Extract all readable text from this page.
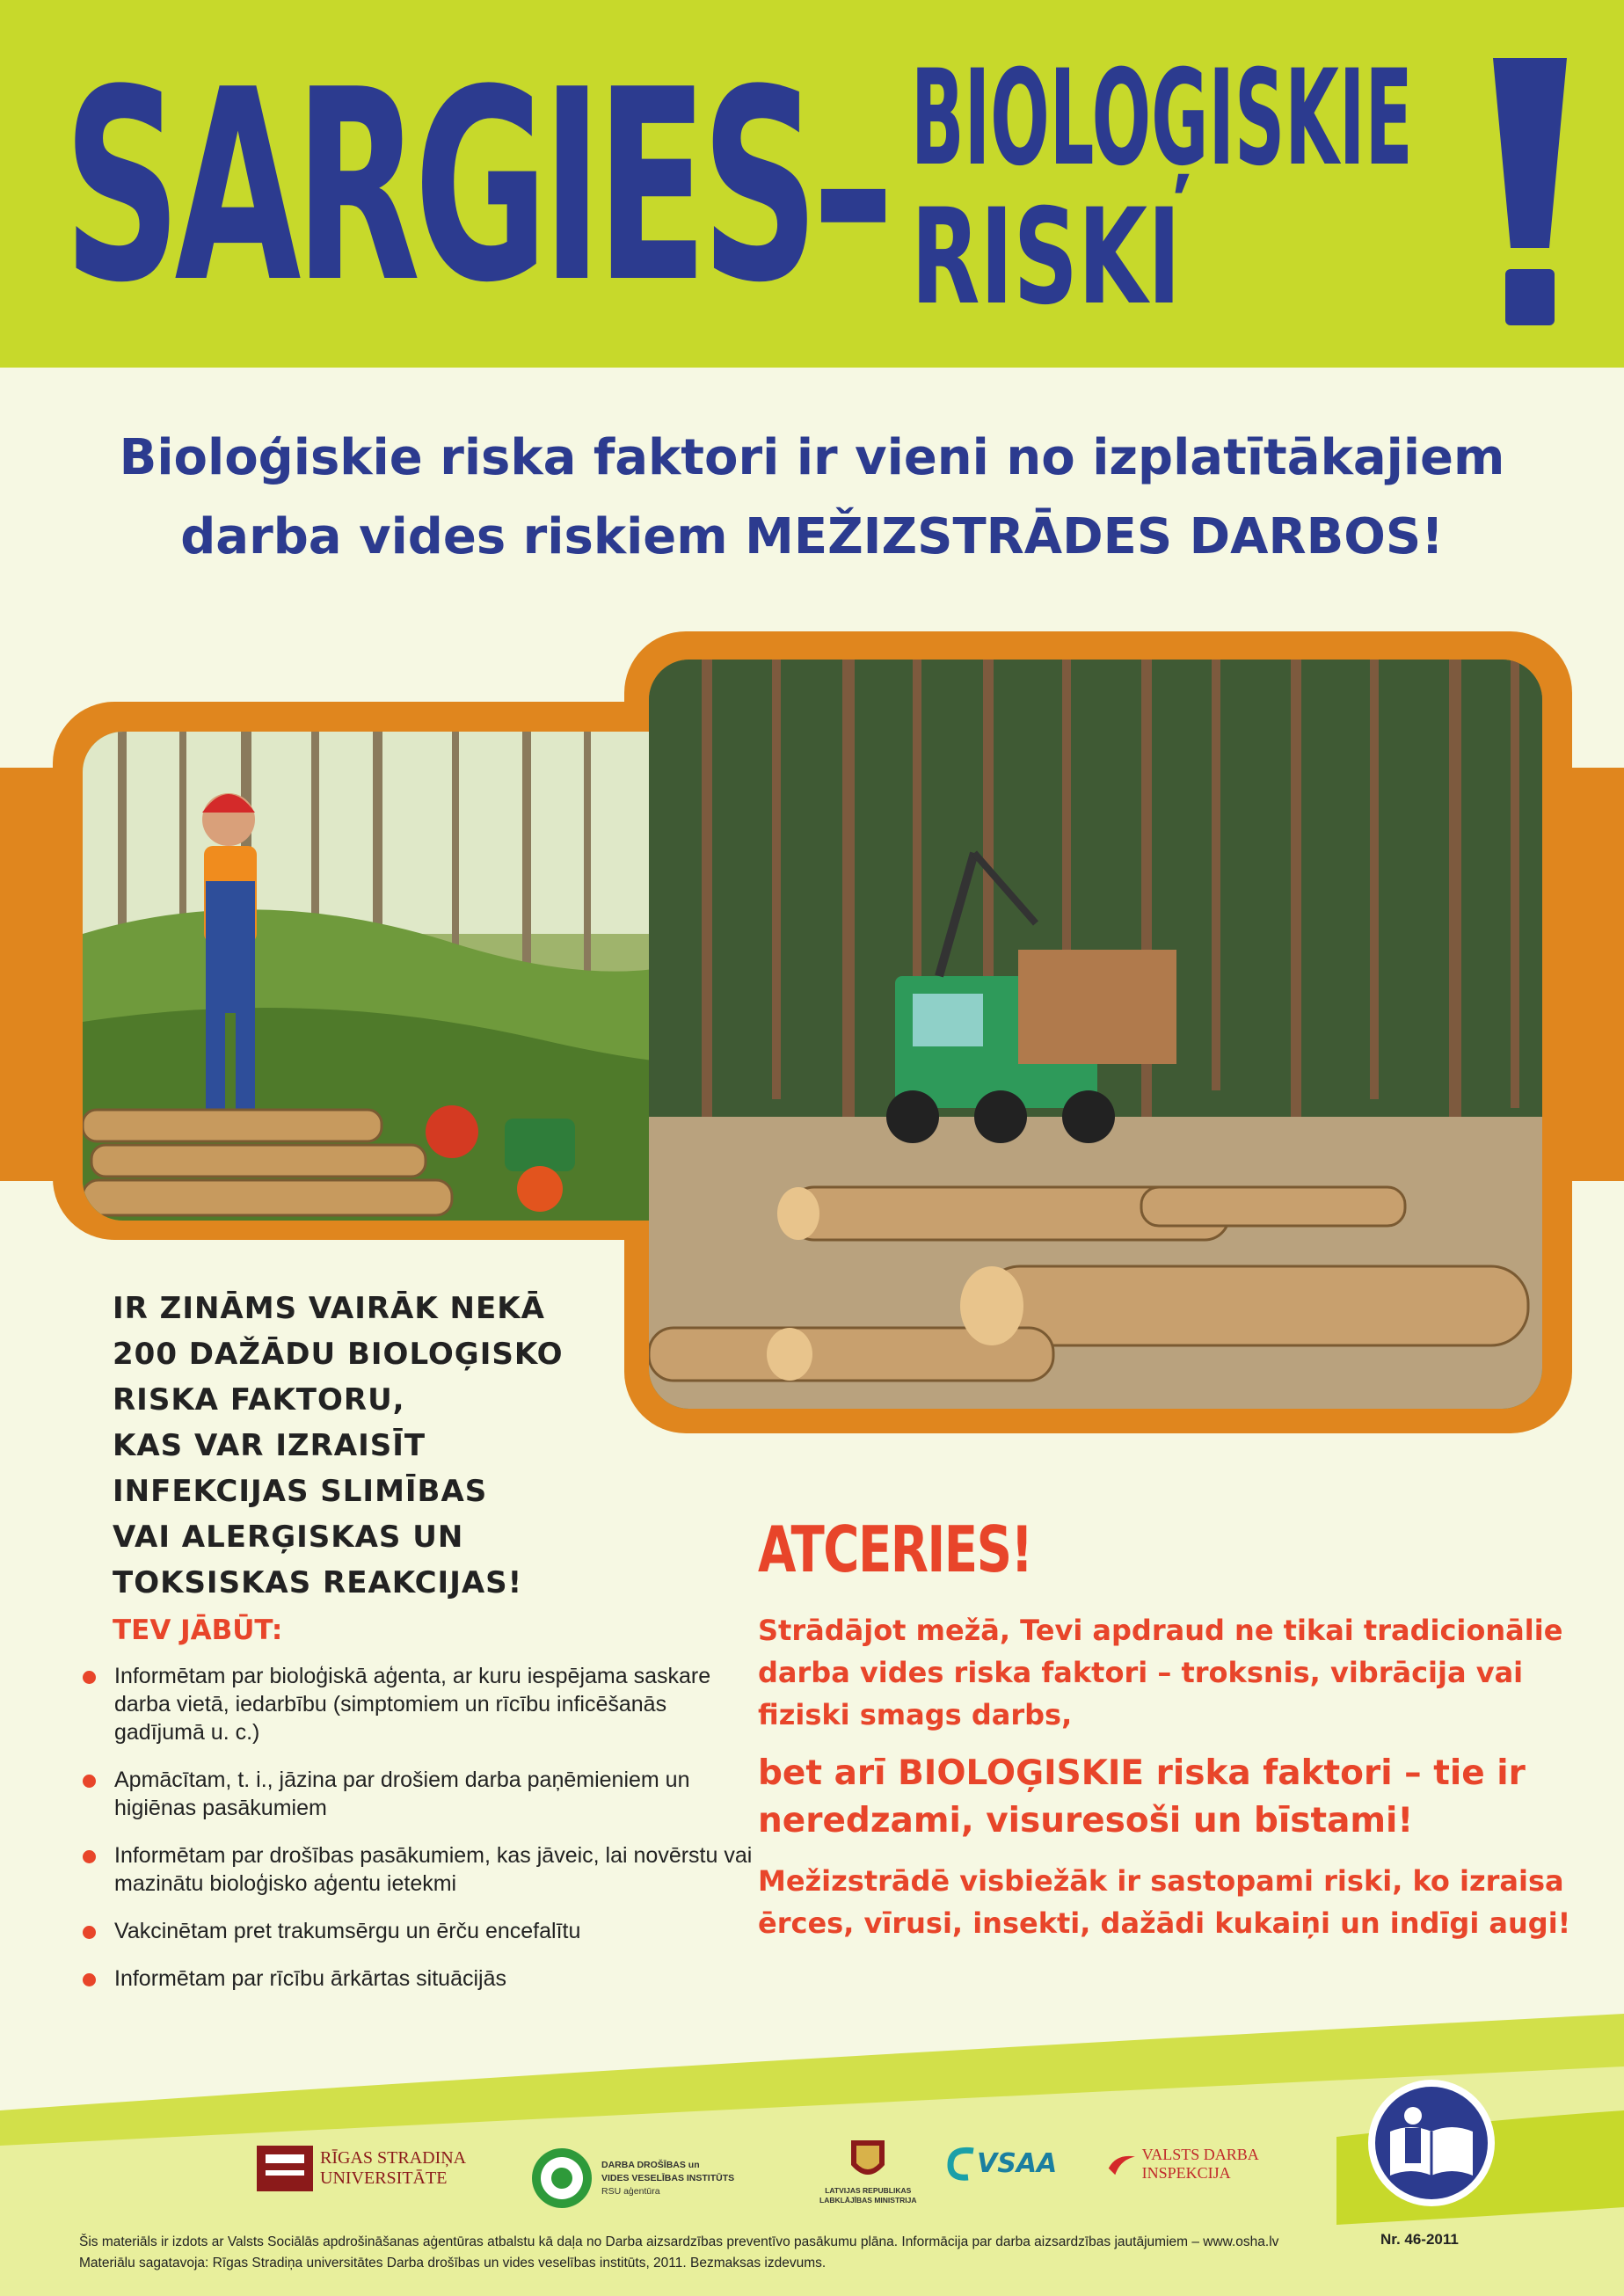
SARGIES– BIOLOĢISKIE
RISKI
Bioloģiskie riska faktori ir vieni no izplatītākajiem
darba vides riskiem MEŽIZSTRĀDES DARBOS!
IR ZINĀMS VAIRĀK NEKĀ
200 DAŽĀDU BIOLOĢISKO
RISKA FAKTORU,
KAS VAR IZRAISĪT
INFEKCIJAS SLIMĪBAS
VAI ALERĢISKAS UN
TOKSISKAS REAKCIJAS!
TEV JĀBŪT:
Informētam par bioloģiskā aģenta, ar kuru iespējama saskare darba vietā, iedarbību (simptomiem un rīcību inficēšanās gadījumā u. c.)
Apmācītam, t. i., jāzina par drošiem darba paņēmieniem un higiēnas pasākumiem
Informētam par drošības pasākumiem, kas jāveic, lai novērstu vai mazinātu bioloģisko aģentu ietekmi
Vakcinētam pret trakumsērgu un ērču encefalītu
Informētam par rīcību ārkārtas situācijās
ATCERIES!
Strādājot mežā, Tevi apdraud ne tikai tradicionālie darba vides riska faktori – troksnis, vibrācija vai fiziski smags darbs,
bet arī BIOLOĢISKIE riska faktori – tie ir neredzami, visuresoši un bīstami!
Mežizstrādē visbiežāk ir sastopami riski, ko izraisa ērces, vīrusi, insekti, dažādi kukaiņi un indīgi augi!
RĪGAS STRADIŅA
UNIVERSITĀTE
DARBA DROŠĪBAS un
VIDES VESELĪBAS INSTITŪTS
RSU aģentūra	LATVIJAS REPUBLIKAS
LABKLĀJĪBAS MINISTRIJA
VSAA	VALSTS DARBA INSPEKCIJA
Šis materiāls ir izdots ar Valsts Sociālās apdrošināšanas aģentūras atbalstu kā daļa no Darba aizsardzības preventīvo pasākumu plāna. Informācija par darba aizsardzības jautājumiem – www.osha.lv
Materiālu sagatavoja: Rīgas Stradiņa universitātes Darba drošības un vides veselības institūts, 2011. Bezmaksas izdevums.
Nr. 46-2011
